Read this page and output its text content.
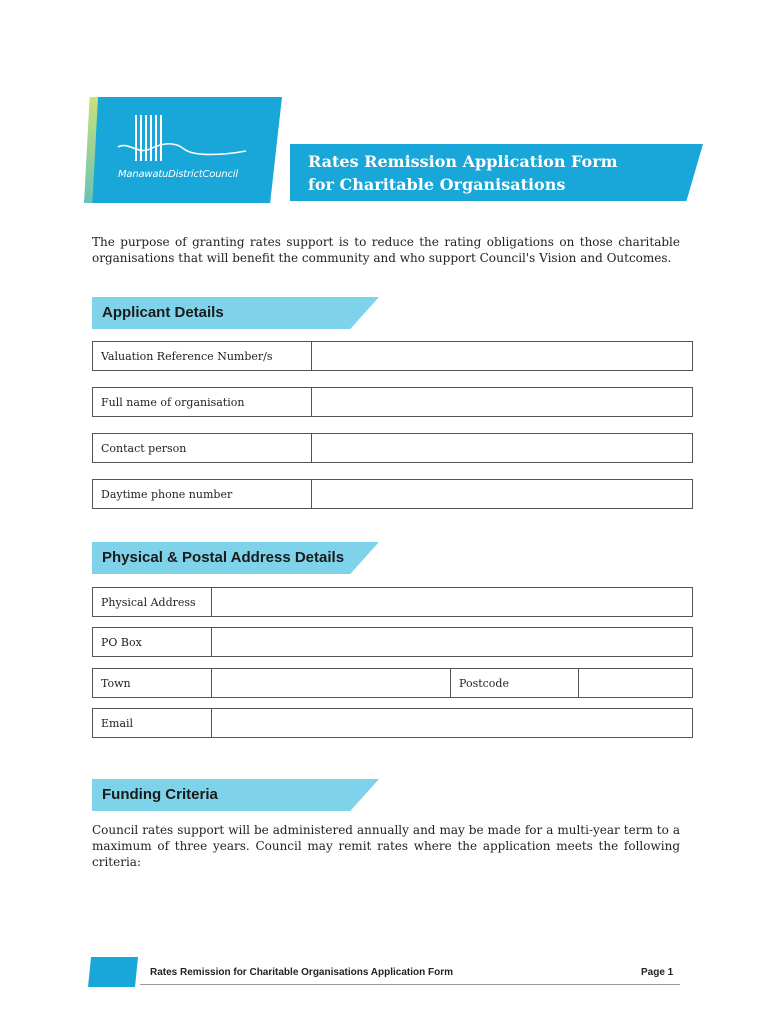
ManawatuDistrictCouncil
Rates Remission Application Form
for Charitable Organisations
The purpose of granting rates support is to reduce the rating obligations on those charitable organisations that will benefit the community and who support Council's Vision and Outcomes.
Applicant Details
Valuation Reference Number/s
Full name of organisation
Contact person
Daytime phone number
Physical & Postal Address Details
Physical Address
PO Box
Town	Postcode
Email
Funding Criteria
Council rates support will be administered annually and may be made for a multi-year term to a maximum of three years. Council may remit rates where the application meets the following criteria:
Rates Remission for Charitable Organisations Application Form	Page 1
